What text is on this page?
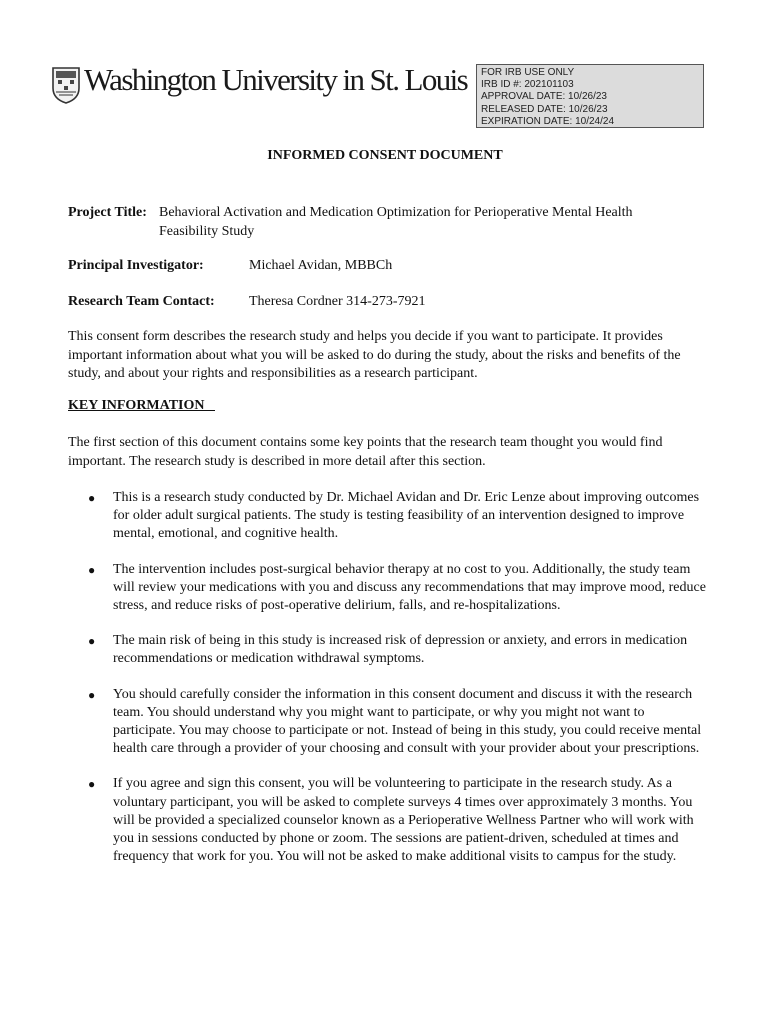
Washington University in St. Louis FOR IRB USE ONLY
IRB ID #: 202101103
APPROVAL DATE: 10/26/23
RELEASED DATE: 10/26/23
EXPIRATION DATE: 10/24/24
INFORMED CONSENT DOCUMENT
Project Title: Behavioral Activation and Medication Optimization for Perioperative Mental Health
Feasibility Study
Principal Investigator:	Michael Avidan, MBBCh
Research Team Contact: Theresa Cordner 314-273-7921
This consent form describes the research study and helps you decide if you want to participate. It provides important information about what you will be asked to do during the study, about the risks and benefits of the study, and about your rights and responsibilities as a research participant.
KEY INFORMATION
The first section of this document contains some key points that the research team thought you would find important. The research study is described in more detail after this section.
● This is a research study conducted by Dr. Michael Avidan and Dr. Eric Lenze about improving outcomes for older adult surgical patients. The study is testing feasibility of an intervention designed to improve mental, emotional, and cognitive health.
● The intervention includes post-surgical behavior therapy at no cost to you. Additionally, the study team will review your medications with you and discuss any recommendations that may improve mood, reduce stress, and reduce risks of post-operative delirium, falls, and re-hospitalizations.
● The main risk of being in this study is increased risk of depression or anxiety, and errors in medication recommendations or medication withdrawal symptoms.
● You should carefully consider the information in this consent document and discuss it with the research team. You should understand why you might want to participate, or why you might not want to participate. You may choose to participate or not. Instead of being in this study, you could receive mental health care through a provider of your choosing and consult with your provider about your prescriptions.
● If you agree and sign this consent, you will be volunteering to participate in the research study. As a voluntary participant, you will be asked to complete surveys 4 times over approximately 3 months. You will be provided a specialized counselor known as a Perioperative Wellness Partner who will work with you in sessions conducted by phone or zoom. The sessions are patient-driven, scheduled at times and frequency that work for you. You will not be asked to make additional visits to campus for the study.
